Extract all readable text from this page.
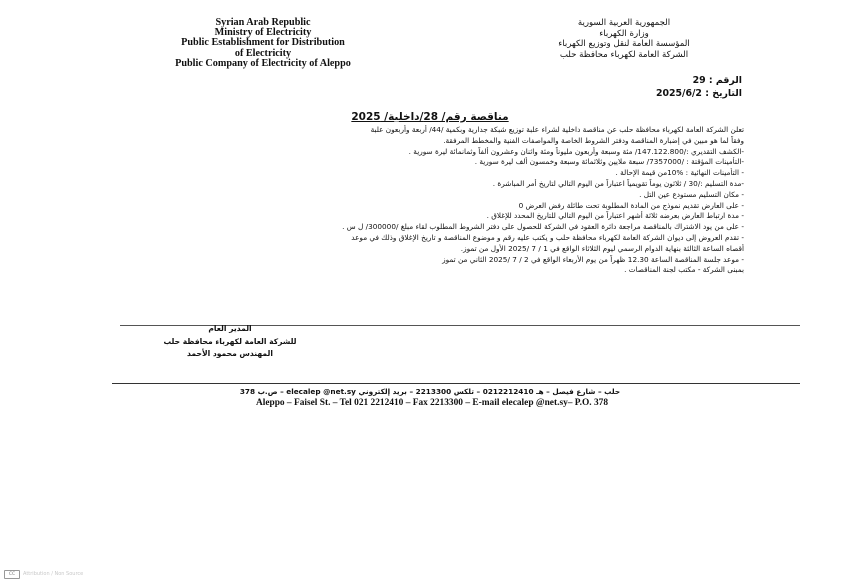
Syrian Arab Republic
Ministry of Electricity
Public Establishment for Distribution
of Electricity
Public Company of Electricity of Aleppo
الجمهورية العربية السورية
وزارة الكهرباء
المؤسسة العامة لنقل وتوزيع الكهرباء
الشركة العامة لكهرباء محافظة حلب
الرقم : 29
التاريخ : 2025/6/2
مناقصة رقم/ 28/داخلية/ 2025
تعلن الشركة العامة لكهرباء محافظة حلب عن مناقصة داخلية لشراء علبة توزيع شبكة جدارية وبكمية /44/ أربعة وأربعون علبة
وفقاً لما هو مبين في إضبارة المناقصة ودفتر الشروط الخاصة والمواصفات الفنية والمخطط المرفقة.
-الكشف التقديري :/147.122.800/ مئة وسبعة وأربعون مليوناً ومئة واثنان وعشرون ألفاً وثمانمائة ليرة سورية .
-التأمينات المؤقتة : /7357000/ سبعة ملايين وثلاثمائة وسبعة وخمسون ألف ليرة سورية .
- التأمينات النهائية : %10من قيمة الإحالة .
-مدة التسليم :/30 / ثلاثون يوماً تقويمياً اعتباراً من اليوم التالي لتاريخ أمر المباشرة .
- مكان التسليم مستودع عين التل .
- على العارض تقديم نموذج من المادة المطلوبة تحت طائلة رفض العرض 0
- مدة ارتباط العارض بعرضه ثلاثة أشهر اعتباراً من اليوم التالي للتاريخ المحدد للإغلاق .
- على من يود الاشتراك بالمناقصة مراجعة دائرة العقود في الشركة للحصول على دفتر الشروط المطلوب لقاء مبلغ /300000/ ل س .
- تقدم العروض إلى ديوان الشركة العامة لكهرباء محافظة حلب و يكتب عليه رقم و موضوع المناقصة و تاريخ الإغلاق وذلك في موعد
أقصاه الساعة الثالثة بنهاية الدوام الرسمي ليوم الثلاثاء الواقع في 1 / 7 /2025 الأول من تموز.
- موعد جلسة المناقصة الساعة 12.30 ظهراً من يوم الأربعاء الواقع في 2 / 7 /2025 الثاني من تموز
بمبنى الشركة - مكتب لجنة المناقصات .
المدير العام
للشركة العامة لكهرباء محافظة حلب
المهندس محمود الأحمد
حلب – شارع فيصل – هـ 0212212410 – تلكس 2213300 – بريد إلكتروني elecalep @net.sy – ص.ب 378
Aleppo – Faisel St. – Tel 021 2212410 – Fax 2213300 – E-mail elecalep @net.sy– P.O. 378
CC	Attribution / Non Source
